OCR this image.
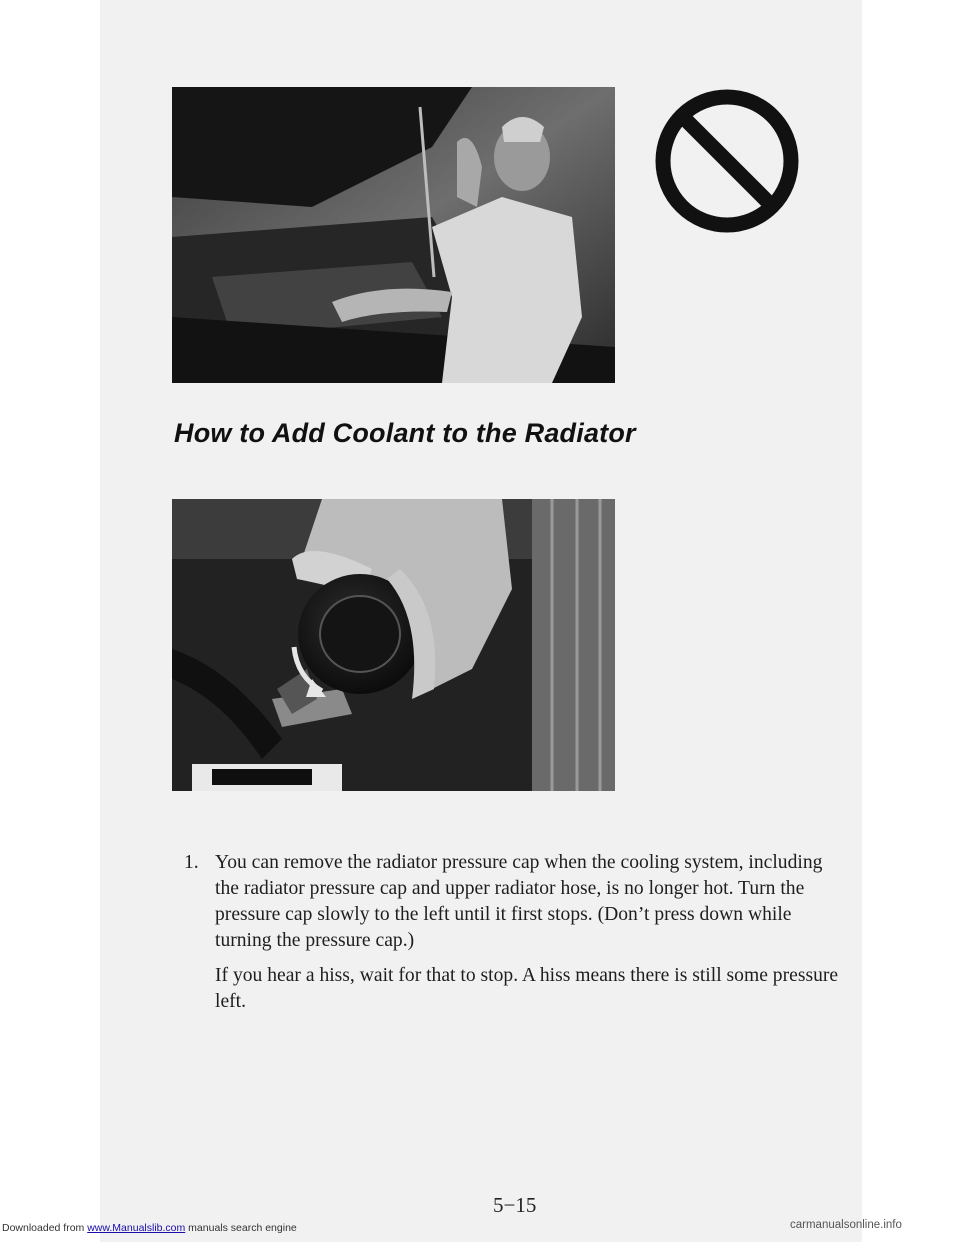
How to Add Coolant to the Radiator
1. You can remove the radiator pressure cap when the cooling system, including the radiator pressure cap and upper radiator hose, is no longer hot. Turn the pressure cap slowly to the left until it first stops. (Don’t press down while turning the pressure cap.)

If you hear a hiss, wait for that to stop. A hiss means there is still some pressure left.

5−15
Downloaded from www.Manualslib.com manuals search engine	carmanualsonline.info
